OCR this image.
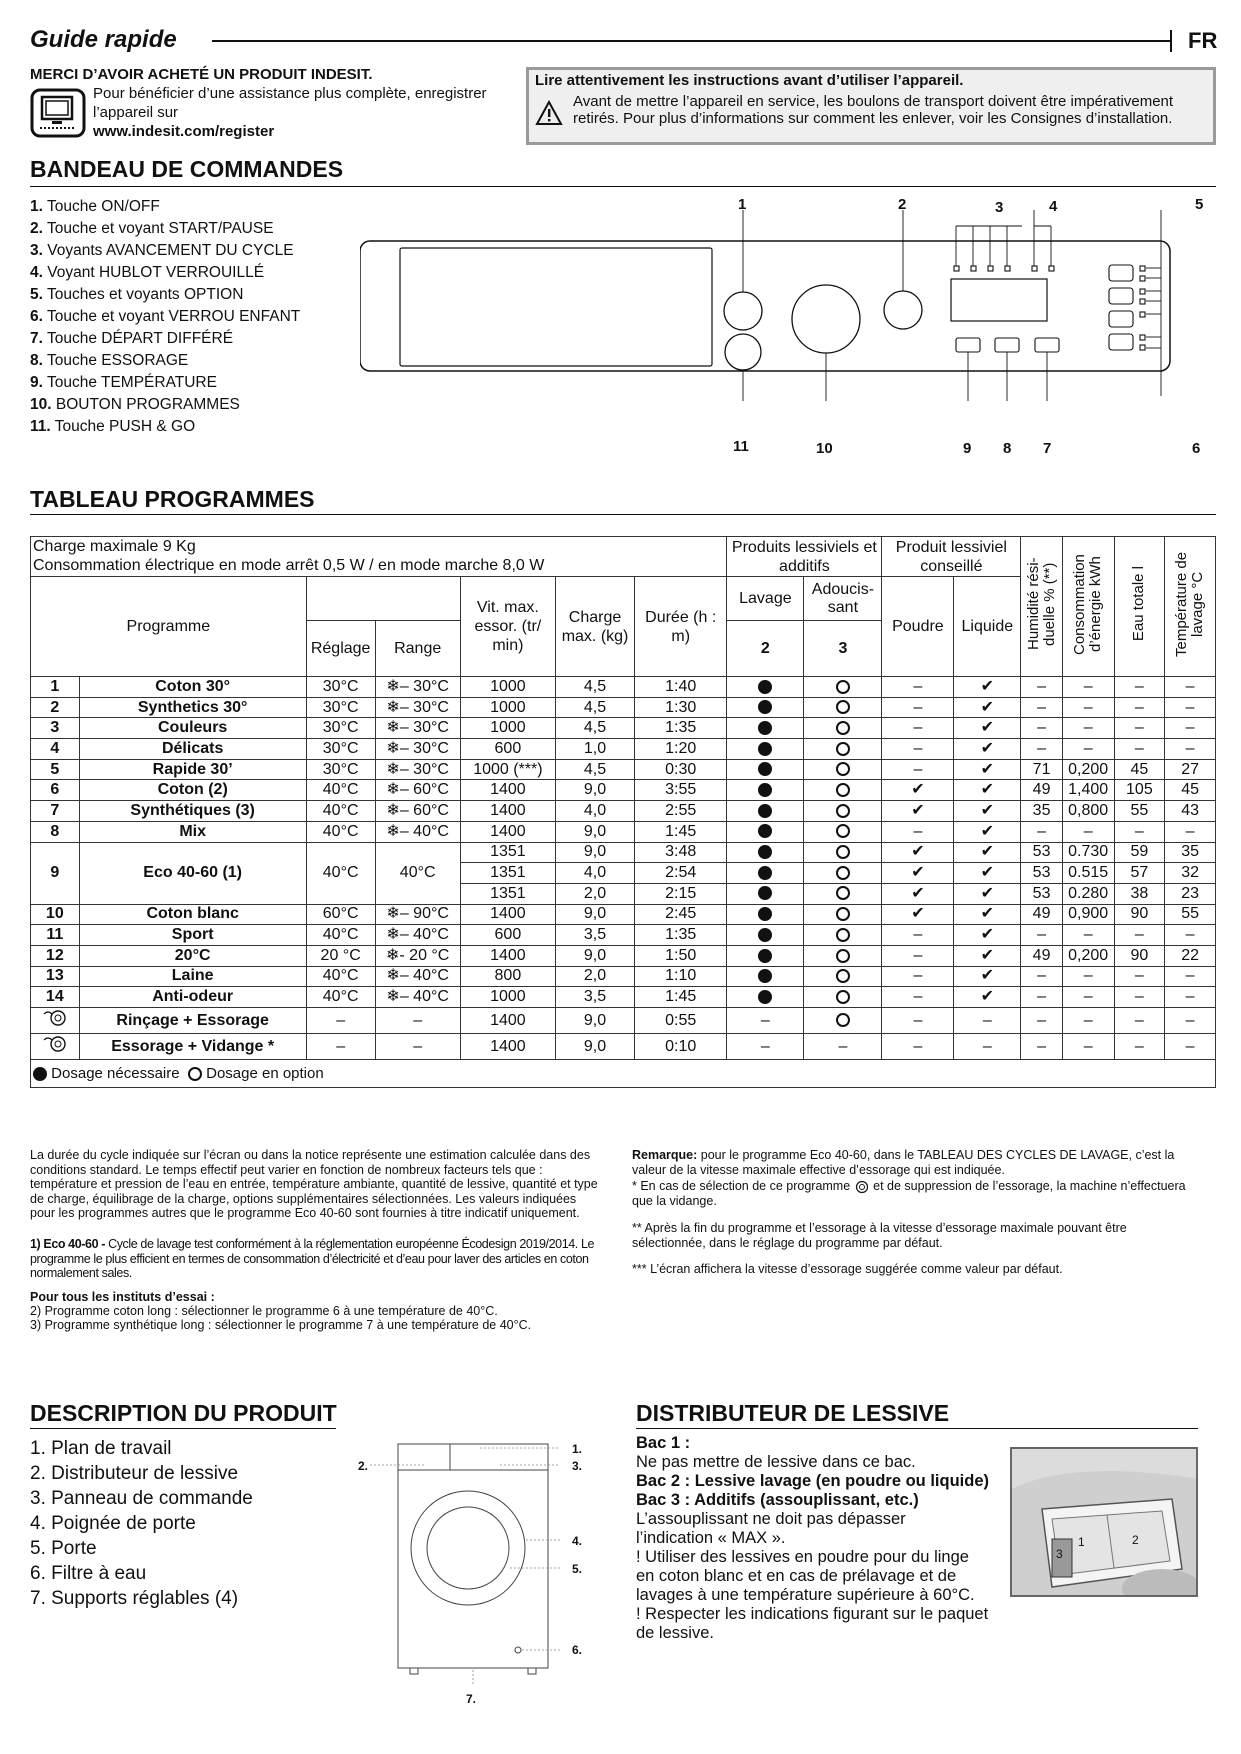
Guide rapide	FR
MERCI D’AVOIR ACHETÉ UN PRODUIT INDESIT.
Pour bénéficier d’une assistance plus complète, enregistrer
l’appareil sur
www.indesit.com/register
Lire attentivement les instructions avant d’utiliser l’appareil.
Avant de mettre l’appareil en service, les boulons de transport doivent être impérativement
retirés. Pour plus d’informations sur comment les enlever, voir les Consignes d’installation.
BANDEAU DE COMMANDES
1. Touche ON/OFF
2. Touche et voyant START/PAUSE
3. Voyants AVANCEMENT DU CYCLE
4. Voyant HUBLOT VERROUILLÉ
5. Touches et voyants OPTION
6. Touche et voyant VERROU ENFANT
7. Touche DÉPART DIFFÉRÉ
8. Touche ESSORAGE
9. Touche TEMPÉRATURE
10. BOUTON PROGRAMMES
11. Touche PUSH & GO
1	2	3	4	5
6
7
8
9
10
11
TABLEAU PROGRAMMES
Charge maximale 9 Kg
Consommation électrique en mode arrêt 0,5 W / en mode marche 8,0 W							Produits lessiviels et additifs		Produit lessiviel conseillé		Humidité rési- duelle % (**)	Consommation d’énergie kWh	Eau totale l	Température de lavage °C
Programme				Vit. max. essor. (tr/ min)	Charge max. (kg)	Durée (h : m)	Lavage	Adoucis- sant	Poudre	Liquide				
		Réglage	Range				2	3						
1	Coton 30°	30°C	❄– 30°C	1000	4,5	1:40			–	✔	–	–	–	–
2	Synthetics 30°	30°C	❄– 30°C	1000	4,5	1:30			–	✔	–	–	–	–
3	Couleurs	30°C	❄– 30°C	1000	4,5	1:35			–	✔	–	–	–	–
4	Délicats	30°C	❄– 30°C	600	1,0	1:20			–	✔	–	–	–	–
5	Rapide 30’	30°C	❄– 30°C	1000 (***)	4,5	0:30			–	✔	71	0,200	45	27
6	Coton (2)	40°C	❄– 60°C	1400	9,0	3:55			✔	✔	49	1,400	105	45
7	Synthétiques (3)	40°C	❄– 60°C	1400	4,0	2:55			✔	✔	35	0,800	55	43
8	Mix	40°C	❄– 40°C	1400	9,0	1:45			–	✔	–	–	–	–
9	Eco 40-60 (1)	40°C	40°C	1351	9,0	3:48			✔	✔	53	0.730	59	35
				1351	4,0	2:54			✔	✔	53	0.515	57	32
				1351	2,0	2:15			✔	✔	53	0.280	38	23
10	Coton blanc	60°C	❄– 90°C	1400	9,0	2:45			✔	✔	49	0,900	90	55
11	Sport	40°C	❄– 40°C	600	3,5	1:35			–	✔	–	–	–	–
12	20°C	20 °C	❄- 20 °C	1400	9,0	1:50			–	✔	49	0,200	90	22
13	Laine	40°C	❄– 40°C	800	2,0	1:10			–	✔	–	–	–	–
14	Anti-odeur	40°C	❄– 40°C	1000	3,5	1:45			–	✔	–	–	–	–
	Rinçage + Essorage	–	–	1400	9,0	0:55	–		–	–	–	–	–	–
	Essorage + Vidange *	–	–	1400	9,0	0:10	–	–	–	–	–	–	–	–
Dosage nécessaire Dosage en option														
La durée du cycle indiquée sur l’écran ou dans la notice représente une estimation calculée dans des conditions standard. Le temps effectif peut varier en fonction de nombreux facteurs tels que : température et pression de l’eau en entrée, température ambiante, quantité de lessive, quantité et type de charge, équilibrage de la charge, options supplémentaires sélectionnées. Les valeurs indiquées pour les programmes autres que le programme Eco 40-60 sont fournies à titre indicatif uniquement.
1) Eco 40-60 - Cycle de lavage test conformément à la réglementation européenne Écodesign 2019/2014. Le programme le plus efficient en termes de consommation d’électricité et d’eau pour laver des articles en coton normalement sales.
Pour tous les instituts d’essai :
2) Programme coton long : sélectionner le programme 6 à une température de 40°C.
3) Programme synthétique long : sélectionner le programme 7 à une température de 40°C.
Remarque: pour le programme Eco 40-60, dans le TABLEAU DES CYCLES DE LAVAGE, c’est la valeur de la vitesse maximale effective d’essorage qui est indiquée.
* En cas de sélection de ce programme et de suppression de l’essorage, la machine n’effectuera que la vidange.
** Après la fin du programme et l’essorage à la vitesse d’essorage maximale pouvant être sélectionnée, dans le réglage du programme par défaut.
*** L’écran affichera la vitesse d’essorage suggérée comme valeur par défaut.
DESCRIPTION DU PRODUIT
1. Plan de travail
2. Distributeur de lessive
3. Panneau de commande
4. Poignée de porte
5. Porte
6. Filtre à eau
7. Supports réglables (4)
1.
2.	3.
4.
5.
6.
7.
DISTRIBUTEUR DE LESSIVE
Bac 1 :
Ne pas mettre de lessive dans ce bac.
Bac 2 : Lessive lavage (en poudre ou liquide)
Bac 3 : Additifs (assouplissant, etc.)
L’assouplissant ne doit pas dépasser
l’indication « MAX ».
! Utiliser des lessives en poudre pour du linge
en coton blanc et en cas de prélavage et de
lavages à une température supérieure à 60°C.
! Respecter les indications figurant sur le paquet
de lessive.
1	2
3
